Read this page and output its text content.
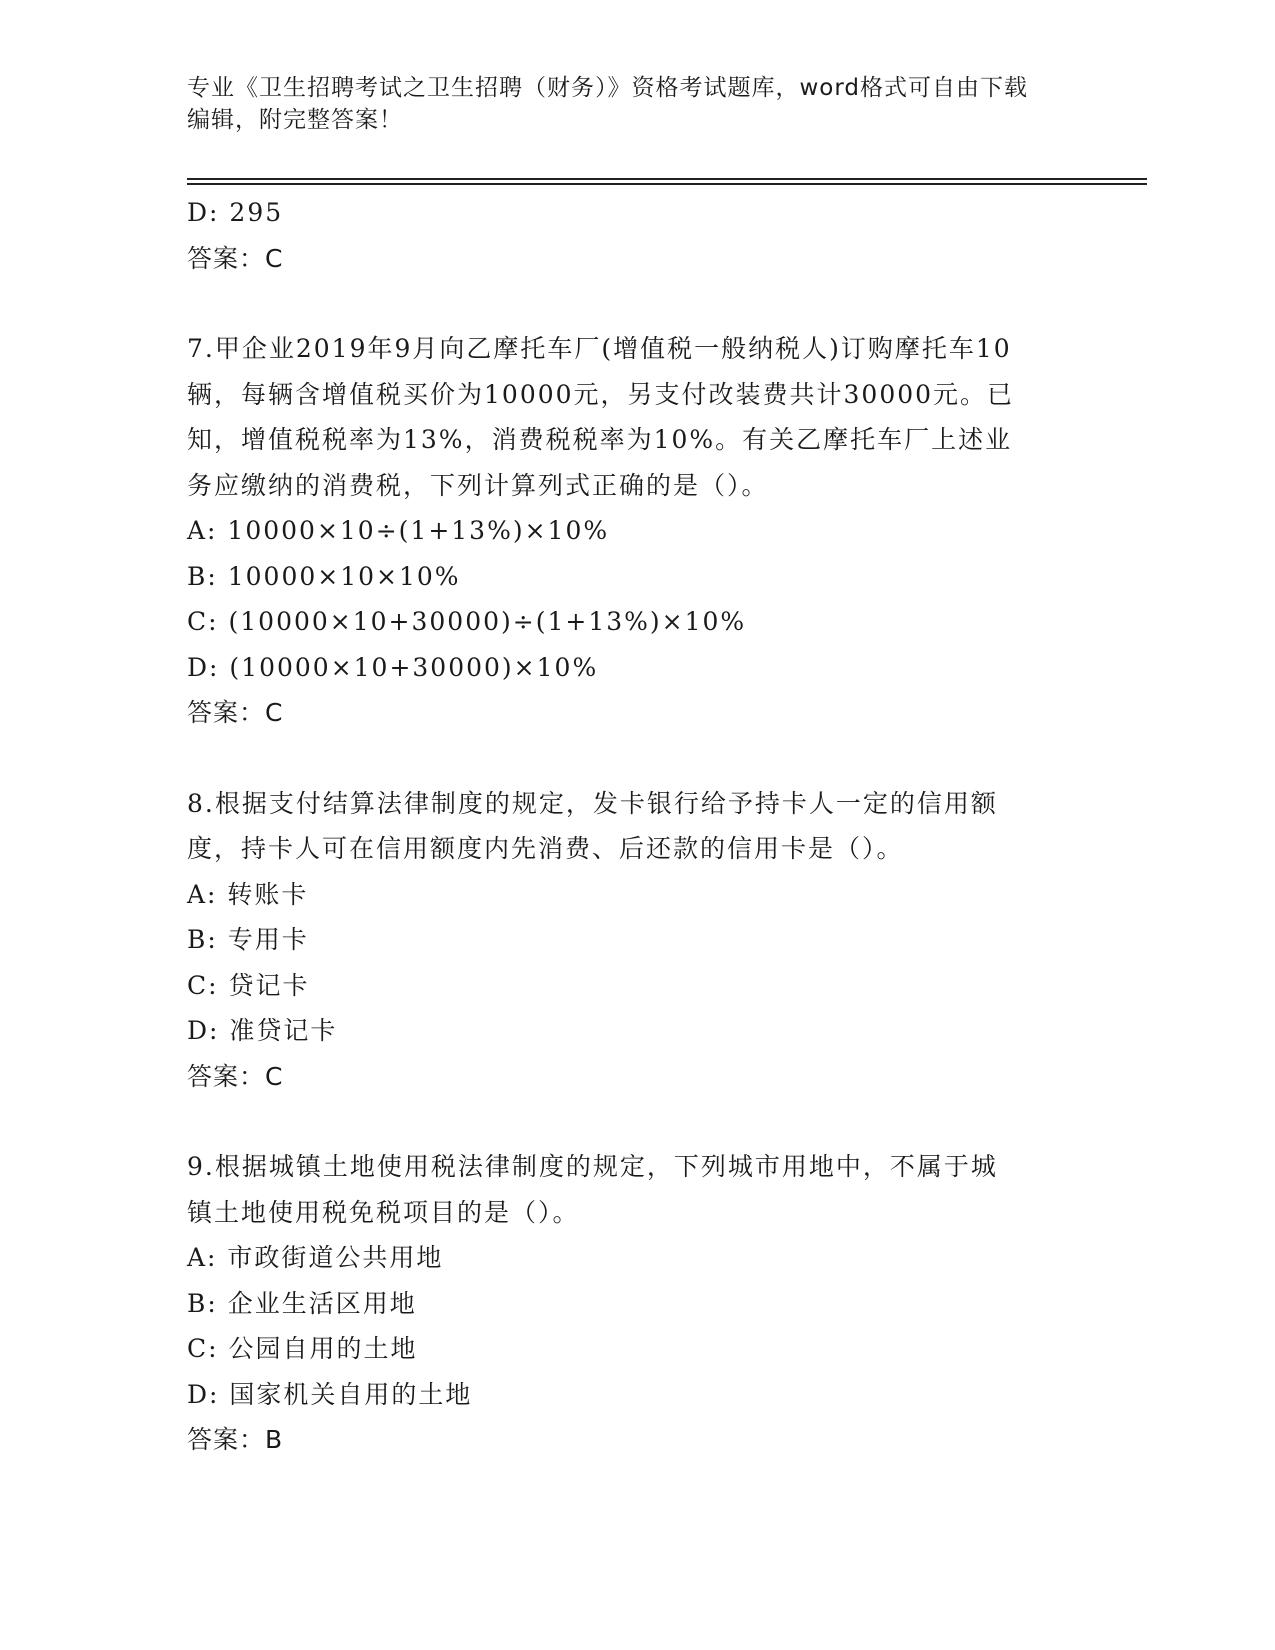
专业《卫生招聘考试之卫生招聘（财务）》资格考试题库，word格式可自由下载
编辑，附完整答案！
D: 295
答案：C
7.甲企业2019年9月向乙摩托车厂(增值税一般纳税人)订购摩托车10
辆，每辆含增值税买价为10000元，另支付改装费共计30000元。已
知，增值税税率为13%，消费税税率为10%。有关乙摩托车厂上述业
务应缴纳的消费税，下列计算列式正确的是（）。
A: 10000×10÷(1+13%)×10%
B: 10000×10×10%
C: (10000×10+30000)÷(1+13%)×10%
D: (10000×10+30000)×10%
答案：C
8.根据支付结算法律制度的规定，发卡银行给予持卡人一定的信用额
度，持卡人可在信用额度内先消费、后还款的信用卡是（）。
A: 转账卡
B: 专用卡
C: 贷记卡
D: 准贷记卡
答案：C
9.根据城镇土地使用税法律制度的规定，下列城市用地中，不属于城
镇土地使用税免税项目的是（）。
A: 市政街道公共用地
B: 企业生活区用地
C: 公园自用的土地
D: 国家机关自用的土地
答案：B
